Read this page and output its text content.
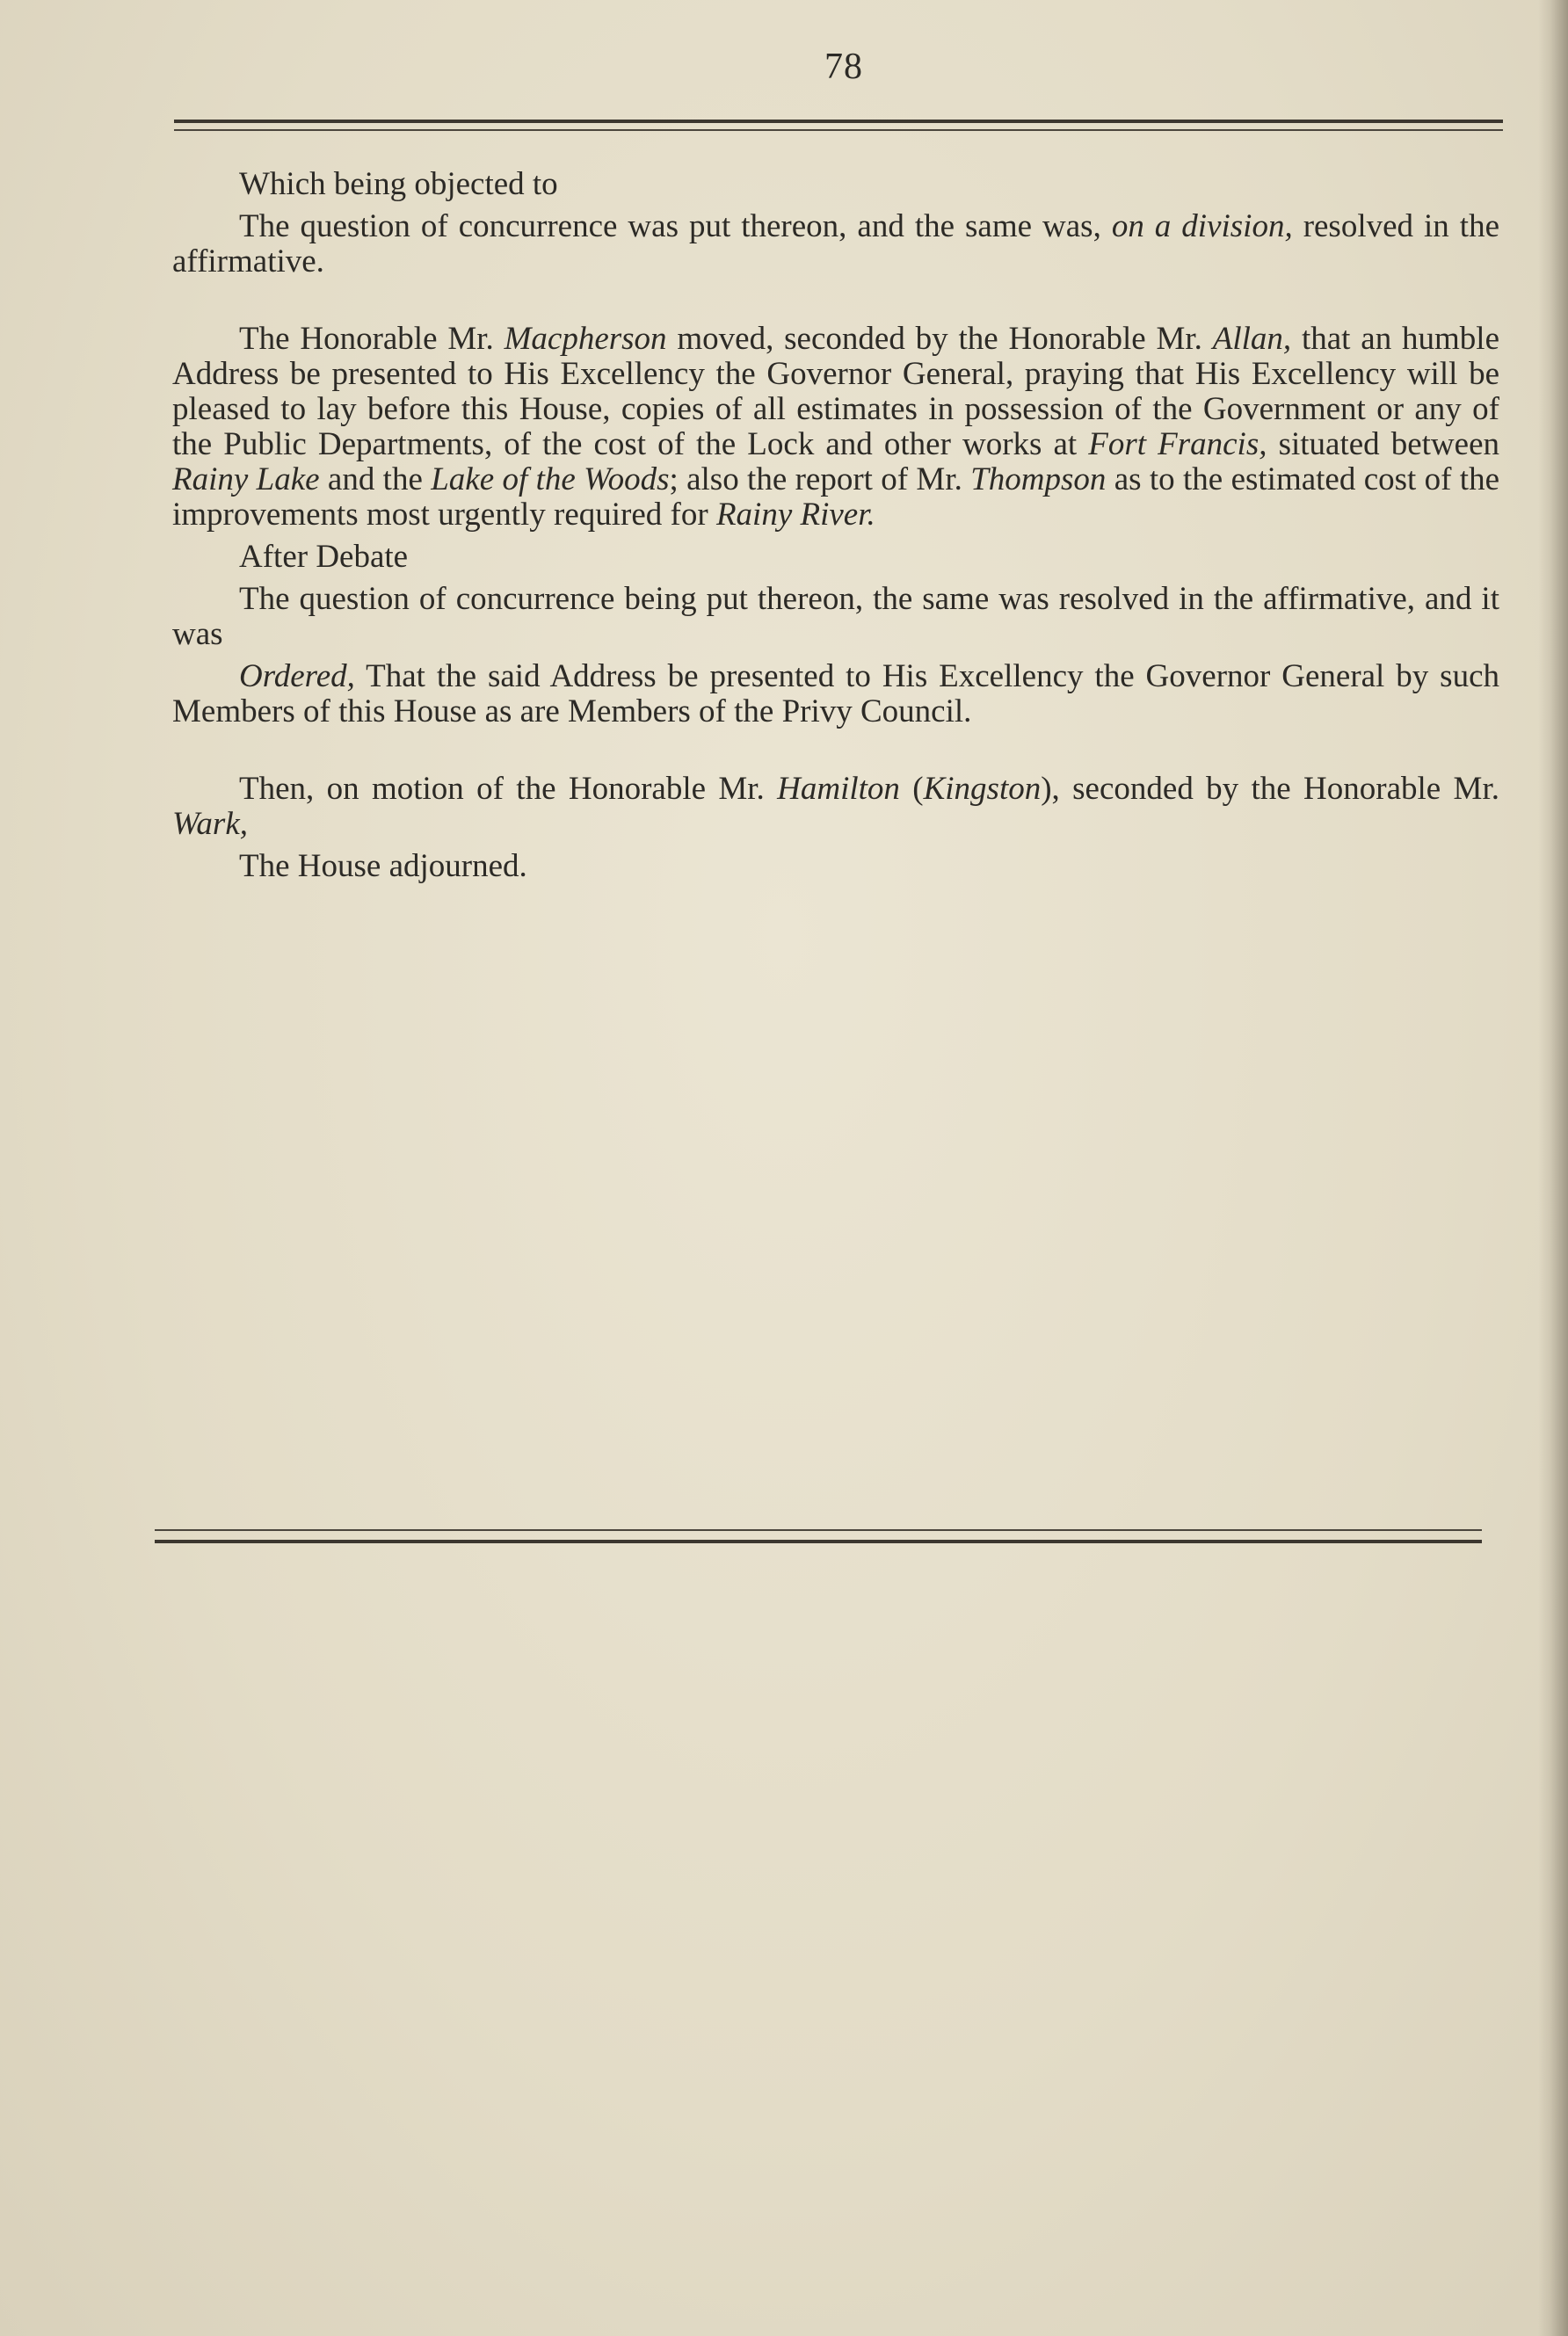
78

Which being objected to

The question of concurrence was put thereon, and the same was, on a division, resolved in the affirmative.

The Honorable Mr. Macpherson moved, seconded by the Honorable Mr. Allan, that an humble Address be presented to His Excellency the Governor General, praying that His Excellency will be pleased to lay before this House, copies of all estimates in possession of the Government or any of the Public Departments, of the cost of the Lock and other works at Fort Francis, situated between Rainy Lake and the Lake of the Woods; also the report of Mr. Thompson as to the estimated cost of the improvements most urgently required for Rainy River.

After Debate

The question of concurrence being put thereon, the same was resolved in the affirmative, and it was

Ordered, That the said Address be presented to His Excellency the Governor General by such Members of this House as are Members of the Privy Council.

Then, on motion of the Honorable Mr. Hamilton (Kingston), seconded by the Honorable Mr. Wark,

The House adjourned.
